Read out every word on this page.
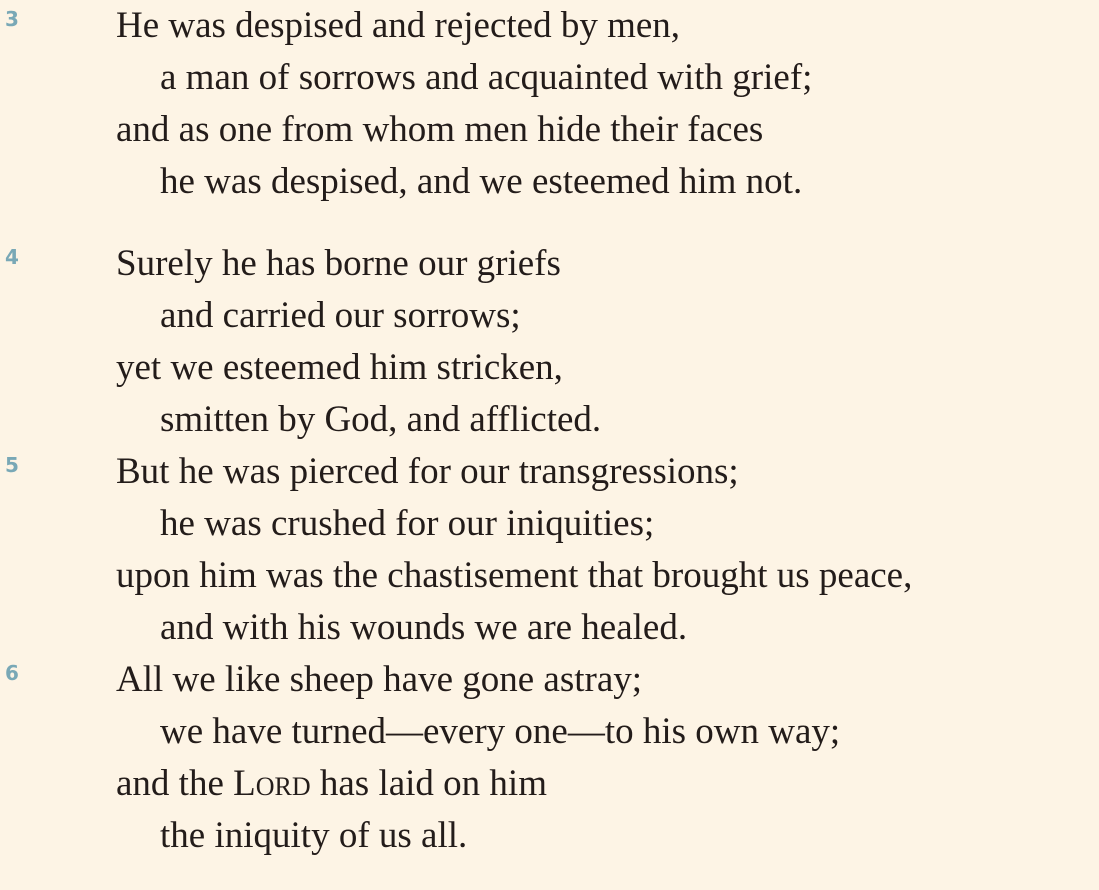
3	He was despised and rejected by men,
a man of sorrows and acquainted with grief;
and as one from whom men hide their faces
he was despised, and we esteemed him not.
4	Surely he has borne our griefs
and carried our sorrows;
yet we esteemed him stricken,
smitten by God, and afflicted.
5	But he was pierced for our transgressions;
he was crushed for our iniquities;
upon him was the chastisement that brought us peace,
and with his wounds we are healed.
6	All we like sheep have gone astray;
we have turned—every one—to his own way;
and the Lord has laid on him
the iniquity of us all.
